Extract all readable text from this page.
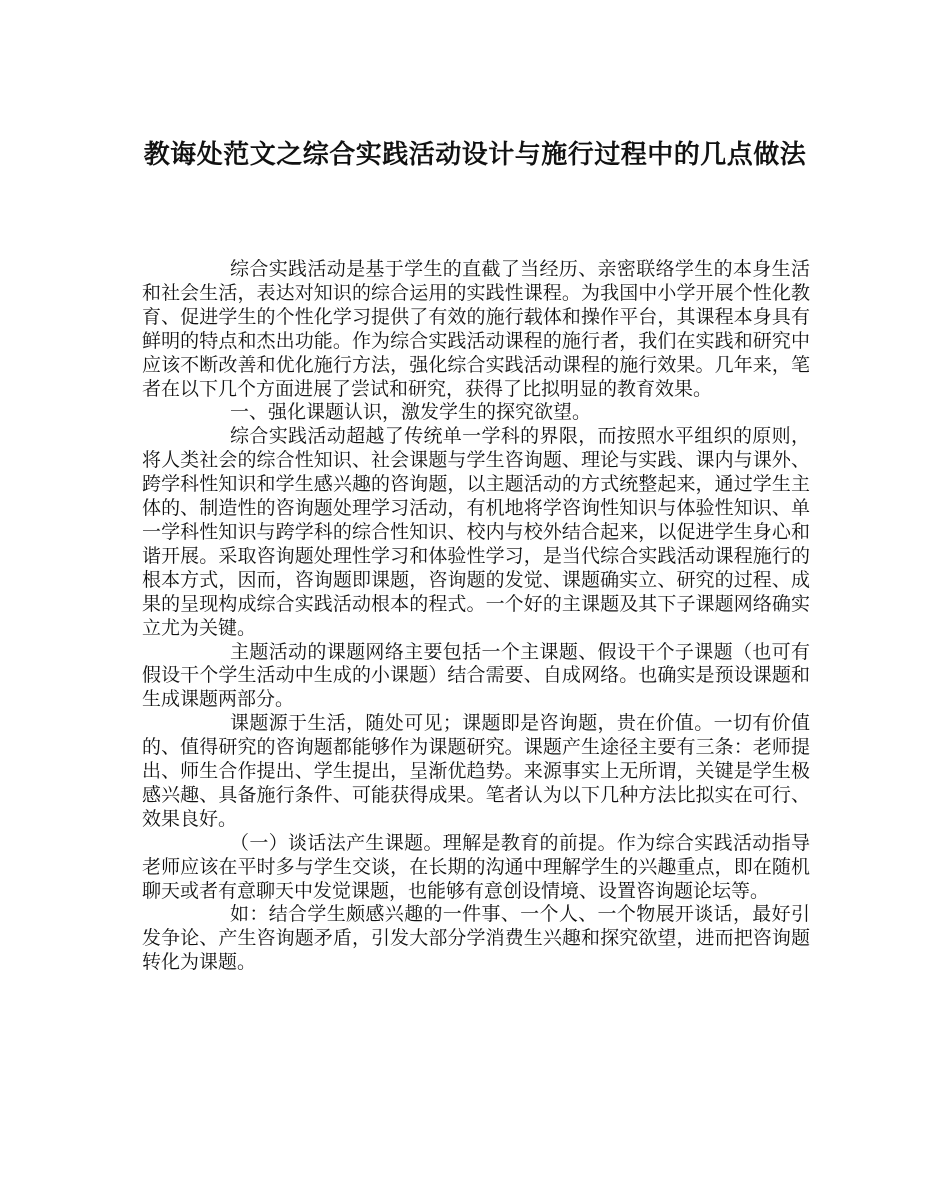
教诲处范文之综合实践活动设计与施行过程中的几点做法

综合实践活动是基于学生的直截了当经历、亲密联络学生的本身生活和社会生活，表达对知识的综合运用的实践性课程。为我国中小学开展个性化教育、促进学生的个性化学习提供了有效的施行载体和操作平台，其课程本身具有鲜明的特点和杰出功能。作为综合实践活动课程的施行者，我们在实践和研究中应该不断改善和优化施行方法，强化综合实践活动课程的施行效果。几年来，笔者在以下几个方面进展了尝试和研究，获得了比拟明显的教育效果。

一、强化课题认识，激发学生的探究欲望。

综合实践活动超越了传统单一学科的界限，而按照水平组织的原则，将人类社会的综合性知识、社会课题与学生咨询题、理论与实践、课内与课外、跨学科性知识和学生感兴趣的咨询题，以主题活动的方式统整起来，通过学生主体的、制造性的咨询题处理学习活动，有机地将学咨询性知识与体验性知识、单一学科性知识与跨学科的综合性知识、校内与校外结合起来，以促进学生身心和谐开展。采取咨询题处理性学习和体验性学习，是当代综合实践活动课程施行的根本方式，因而，咨询题即课题，咨询题的发觉、课题确实立、研究的过程、成果的呈现构成综合实践活动根本的程式。一个好的主课题及其下子课题网络确实立尤为关键。

主题活动的课题网络主要包括一个主课题、假设干个子课题（也可有假设干个学生活动中生成的小课题）结合需要、自成网络。也确实是预设课题和生成课题两部分。

课题源于生活，随处可见；课题即是咨询题，贵在价值。一切有价值的、值得研究的咨询题都能够作为课题研究。课题产生途径主要有三条：老师提出、师生合作提出、学生提出，呈渐优趋势。来源事实上无所谓，关键是学生极感兴趣、具备施行条件、可能获得成果。笔者认为以下几种方法比拟实在可行、效果良好。

（一）谈话法产生课题。理解是教育的前提。作为综合实践活动指导老师应该在平时多与学生交谈，在长期的沟通中理解学生的兴趣重点，即在随机聊天或者有意聊天中发觉课题，也能够有意创设情境、设置咨询题论坛等。

如：结合学生颇感兴趣的一件事、一个人、一个物展开谈话，最好引发争论、产生咨询题矛盾，引发大部分学消费生兴趣和探究欲望，进而把咨询题转化为课题。
